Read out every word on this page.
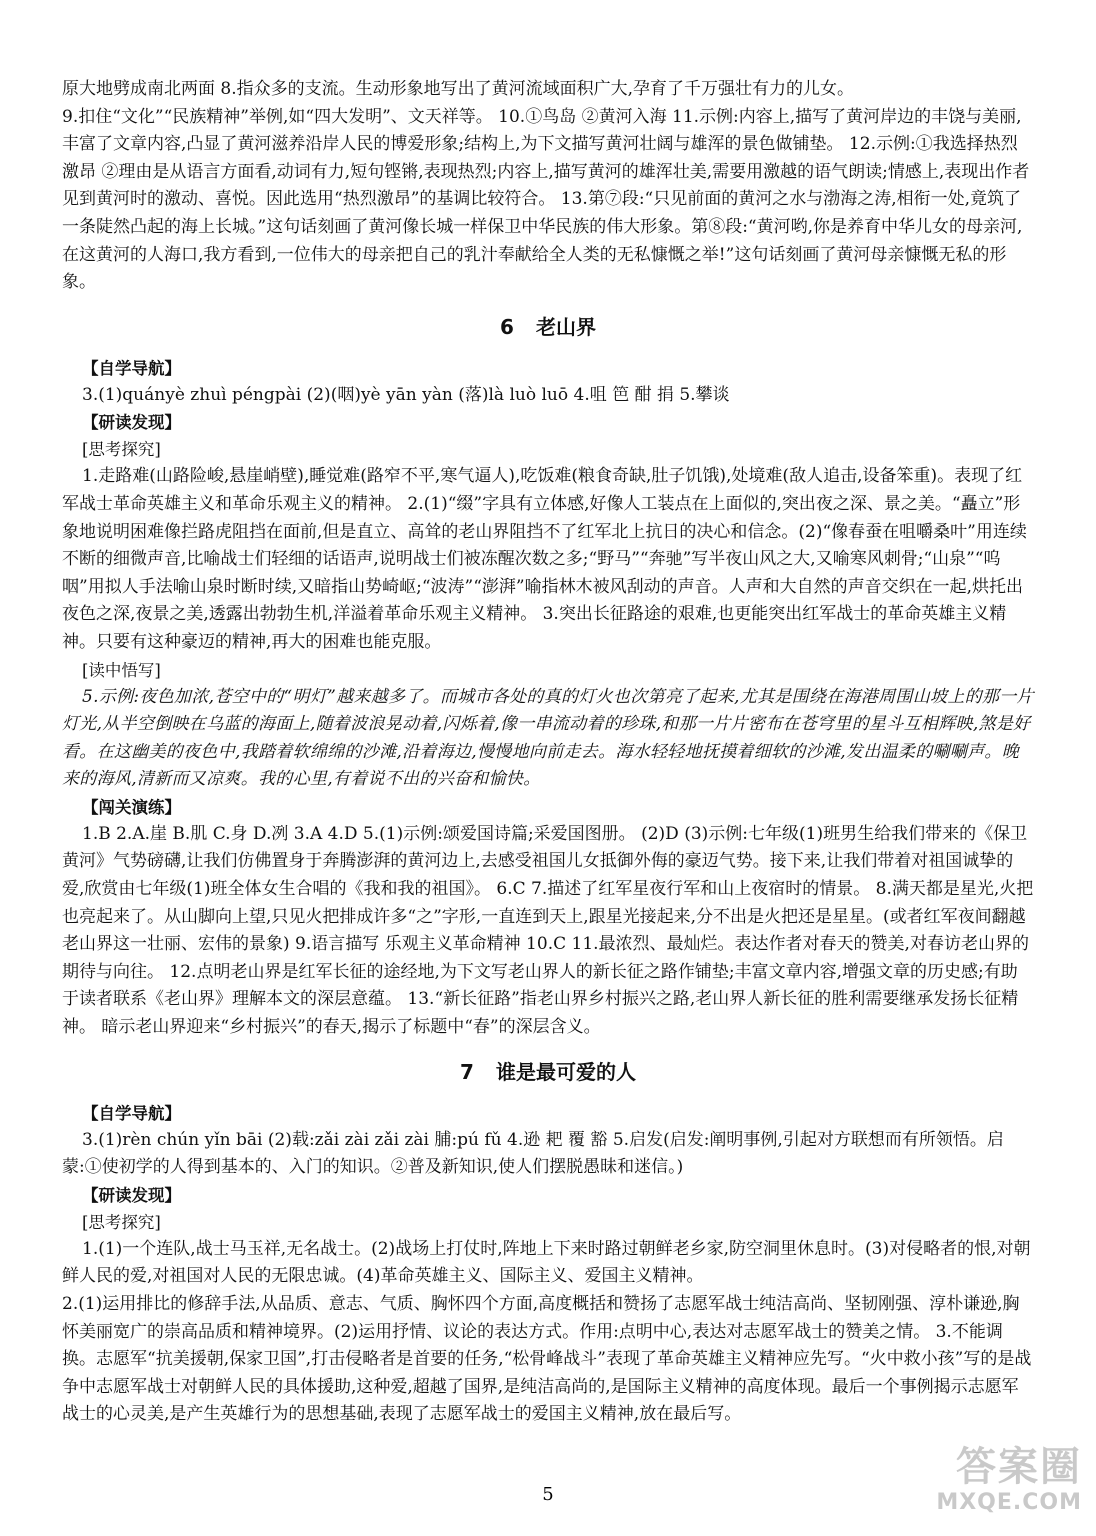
原大地劈成南北两面 8.指众多的支流。生动形象地写出了黄河流域面积广大,孕育了千万强壮有力的儿女。

9.扣住“文化”“民族精神”举例,如“四大发明”、文天祥等。 10.①鸟岛 ②黄河入海 11.示例:内容上,描写了黄河岸边的丰饶与美丽,丰富了文章内容,凸显了黄河滋养沿岸人民的博爱形象;结构上,为下文描写黄河壮阔与雄浑的景色做铺垫。 12.示例:①我选择热烈激昂 ②理由是从语言方面看,动词有力,短句铿锵,表现热烈;内容上,描写黄河的雄浑壮美,需要用激越的语气朗读;情感上,表现出作者见到黄河时的激动、喜悦。因此选用“热烈激昂”的基调比较符合。 13.第⑦段:“只见前面的黄河之水与渤海之涛,相衔一处,竟筑了一条陡然凸起的海上长城。”这句话刻画了黄河像长城一样保卫中华民族的伟大形象。第⑧段:“黄河哟,你是养育中华儿女的母亲河,在这黄河的人海口,我方看到,一位伟大的母亲把自己的乳汁奉献给全人类的无私慷慨之举!”这句话刻画了黄河母亲慷慨无私的形象。

6 老山界

【自学导航】

3.(1)quányè zhuì péngpài (2)(咽)yè yān yàn (落)là luò luō 4.咀 笆 酣 捐 5.攀谈

【研读发现】

[思考探究]

1.走路难(山路险峻,悬崖峭壁),睡觉难(路窄不平,寒气逼人),吃饭难(粮食奇缺,肚子饥饿),处境难(敌人追击,设备笨重)。表现了红军战士革命英雄主义和革命乐观主义的精神。 2.(1)“缀”字具有立体感,好像人工装点在上面似的,突出夜之深、景之美。“矗立”形象地说明困难像拦路虎阻挡在面前,但是直立、高耸的老山界阻挡不了红军北上抗日的决心和信念。(2)“像春蚕在咀嚼桑叶”用连续不断的细微声音,比喻战士们轻细的话语声,说明战士们被冻醒次数之多;“野马”“奔驰”写半夜山风之大,又喻寒风刺骨;“山泉”“呜咽”用拟人手法喻山泉时断时续,又暗指山势崎岖;“波涛”“澎湃”喻指林木被风刮动的声音。人声和大自然的声音交织在一起,烘托出夜色之深,夜景之美,透露出勃勃生机,洋溢着革命乐观主义精神。 3.突出长征路途的艰难,也更能突出红军战士的革命英雄主义精神。只要有这种豪迈的精神,再大的困难也能克服。

[读中悟写]

5.示例:夜色加浓,苍空中的“明灯”越来越多了。而城市各处的真的灯火也次第亮了起来,尤其是围绕在海港周围山坡上的那一片灯光,从半空倒映在乌蓝的海面上,随着波浪晃动着,闪烁着,像一串流动着的珍珠,和那一片片密布在苍穹里的星斗互相辉映,煞是好看。在这幽美的夜色中,我踏着软绵绵的沙滩,沿着海边,慢慢地向前走去。海水轻轻地抚摸着细软的沙滩,发出温柔的唰唰声。晚来的海风,清新而又凉爽。我的心里,有着说不出的兴奋和愉快。

【闯关演练】

1.B 2.A.崖 B.肌 C.身 D.冽 3.A 4.D 5.(1)示例:颂爱国诗篇;采爱国图册。 (2)D (3)示例:七年级(1)班男生给我们带来的《保卫黄河》气势磅礴,让我们仿佛置身于奔腾澎湃的黄河边上,去感受祖国儿女抵御外侮的豪迈气势。接下来,让我们带着对祖国诚挚的爱,欣赏由七年级(1)班全体女生合唱的《我和我的祖国》。 6.C 7.描述了红军星夜行军和山上夜宿时的情景。 8.满天都是星光,火把也亮起来了。从山脚向上望,只见火把排成许多“之”字形,一直连到天上,跟星光接起来,分不出是火把还是星星。(或者红军夜间翻越老山界这一壮丽、宏伟的景象) 9.语言描写 乐观主义革命精神 10.C 11.最浓烈、最灿烂。表达作者对春天的赞美,对春访老山界的期待与向往。 12.点明老山界是红军长征的途经地,为下文写老山界人的新长征之路作铺垫;丰富文章内容,增强文章的历史感;有助于读者联系《老山界》理解本文的深层意蕴。 13.“新长征路”指老山界乡村振兴之路,老山界人新长征的胜利需要继承发扬长征精神。 暗示老山界迎来“乡村振兴”的春天,揭示了标题中“春”的深层含义。

7 谁是最可爱的人

【自学导航】

3.(1)rèn chún yǐn bāi (2)载:zǎi zài zǎi zài 脯:pú fǔ 4.逊 耙 覆 豁 5.启发(启发:阐明事例,引起对方联想而有所领悟。启蒙:①使初学的人得到基本的、入门的知识。②普及新知识,使人们摆脱愚昧和迷信。)

【研读发现】

[思考探究]

1.(1)一个连队,战士马玉祥,无名战士。(2)战场上打仗时,阵地上下来时路过朝鲜老乡家,防空洞里休息时。(3)对侵略者的恨,对朝鲜人民的爱,对祖国对人民的无限忠诚。(4)革命英雄主义、国际主义、爱国主义精神。

2.(1)运用排比的修辞手法,从品质、意志、气质、胸怀四个方面,高度概括和赞扬了志愿军战士纯洁高尚、坚韧刚强、淳朴谦逊,胸怀美丽宽广的崇高品质和精神境界。(2)运用抒情、议论的表达方式。作用:点明中心,表达对志愿军战士的赞美之情。 3.不能调换。志愿军“抗美援朝,保家卫国”,打击侵略者是首要的任务,“松骨峰战斗”表现了革命英雄主义精神应先写。“火中救小孩”写的是战争中志愿军战士对朝鲜人民的具体援助,这种爱,超越了国界,是纯洁高尚的,是国际主义精神的高度体现。最后一个事例揭示志愿军战士的心灵美,是产生英雄行为的思想基础,表现了志愿军战士的爱国主义精神,放在最后写。

5
答案圈
MXQE.COM
